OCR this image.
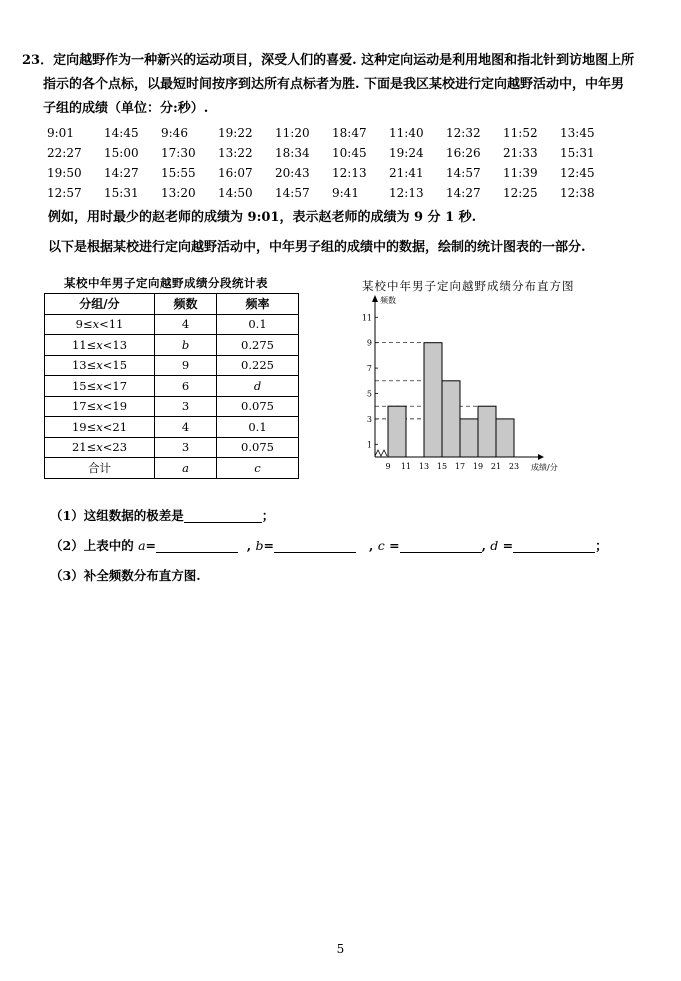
23．定向越野作为一种新兴的运动项目，深受人们的喜爱. 这种定向运动是利用地图和指北针到访地图上所
指示的各个点标，以最短时间按序到达所有点标者为胜. 下面是我区某校进行定向越野活动中，中年男
子组的成绩（单位：分:秒）.
9:01	14:45	9:46	19:22	11:20	18:47	11:40	12:32	11:52	13:45
22:27	15:00	17:30	13:22	18:34	10:45	19:24	16:26	21:33	15:31
19:50	14:27	15:55	16:07	20:43	12:13	21:41	14:57	11:39	12:45
12:57	15:31	13:20	14:50	14:57	9:41	12:13	14:27	12:25	12:38
例如，用时最少的赵老师的成绩为 9:01，表示赵老师的成绩为 9 分 1 秒.
以下是根据某校进行定向越野活动中，中年男子组的成绩中的数据，绘制的统计图表的一部分.
某校中年男子定向越野成绩分段统计表
分组/分	频数	频率
9≤x<11	4	0.1
11≤x<13	b	0.275
13≤x<15	9	0.225
15≤x<17	6	d
17≤x<19	3	0.075
19≤x<21	4	0.1
21≤x<23	3	0.075
合计	a	c
某校中年男子定向越野成绩分布直方图
1
3
5
7
9
11
9 11 13 15 17 19 21 23
频数
成绩/分
（1）这组数据的极差是	；
（2）上表中的 a=	, b=	, c =	, d =	；
（3）补全频数分布直方图.
5
